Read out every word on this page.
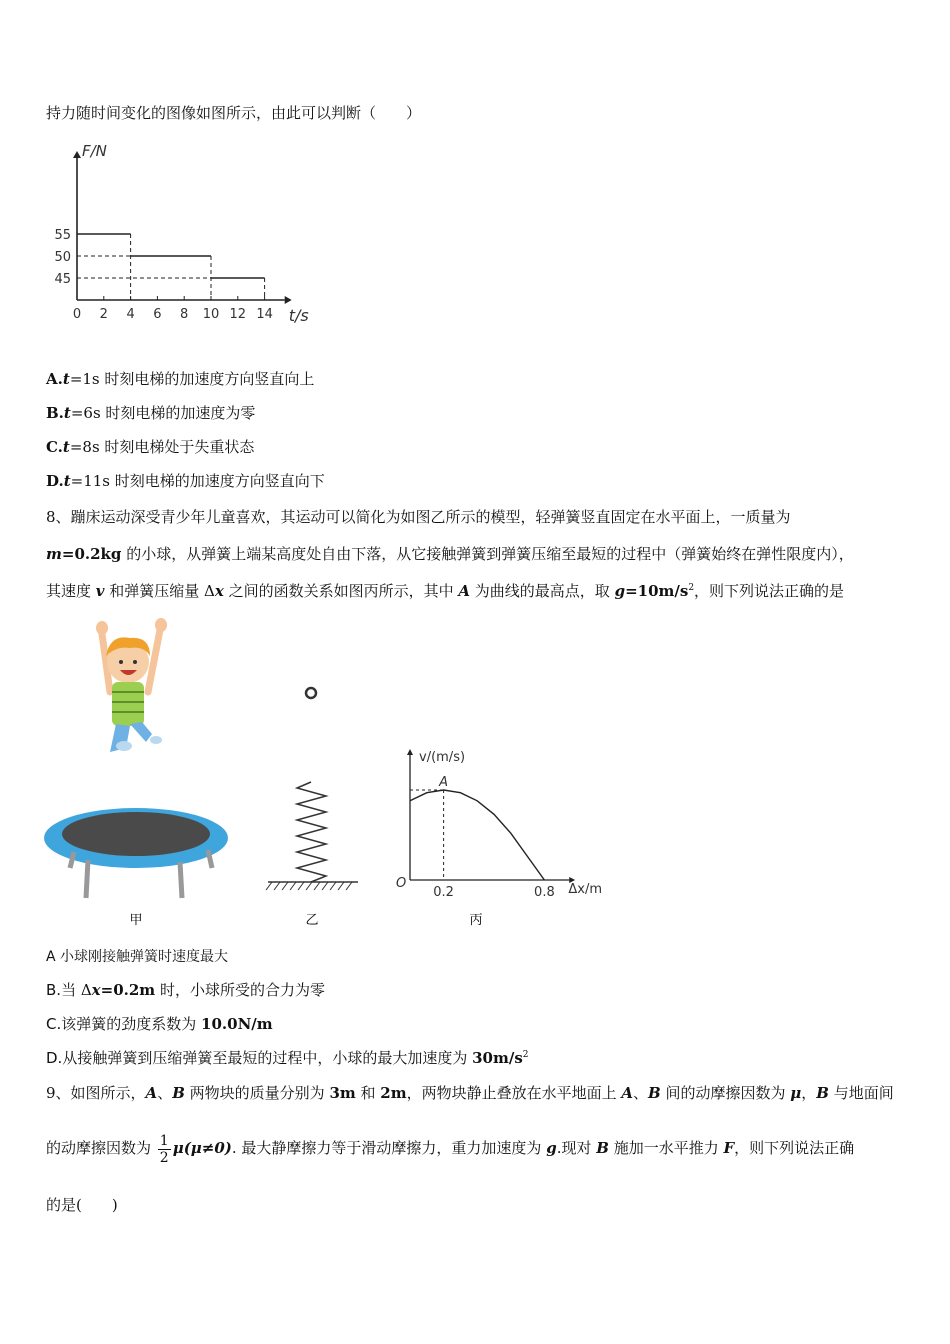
持力随时间变化的图像如图所示，由此可以判断（　　）
F/N
t/s
0 2 4 6 8 10 12 14
55
50
45
A.t=1s 时刻电梯的加速度方向竖直向上
B.t=6s 时刻电梯的加速度为零
C.t=8s 时刻电梯处于失重状态
D.t=11s 时刻电梯的加速度方向竖直向下
8、蹦床运动深受青少年儿童喜欢，其运动可以简化为如图乙所示的模型，轻弹簧竖直固定在水平面上，一质量为
m=0.2kg 的小球，从弹簧上端某高度处自由下落，从它接触弹簧到弹簧压缩至最短的过程中（弹簧始终在弹性限度内），
其速度 v 和弹簧压缩量 Δx 之间的函数关系如图丙所示，其中 A 为曲线的最高点，取 $g=10m/s^2$，则下列说法正确的是
甲	乙
v/(m/s)
Δx/m
O
0.2	0.8
A
丙
A 小球刚接触弹簧时速度最大
B.当 Δx=0.2m 时，小球所受的合力为零
C.该弹簧的劲度系数为 10.0N/m
D.从接触弹簧到压缩弹簧至最短的过程中，小球的最大加速度为 $30m/s^2$
9、如图所示，A、B 两物块的质量分别为 3m 和 2m，两物块静止叠放在水平地面上 A、B 间的动摩擦因数为 μ，B 与地面间
的动摩擦因数为 $\frac{1}{2} \mu(\mu\ne 0)$. 最大静摩擦力等于滑动摩擦力，重力加速度为 g.现对 B 施加一水平推力 F，则下列说法正确
的是(　　)
